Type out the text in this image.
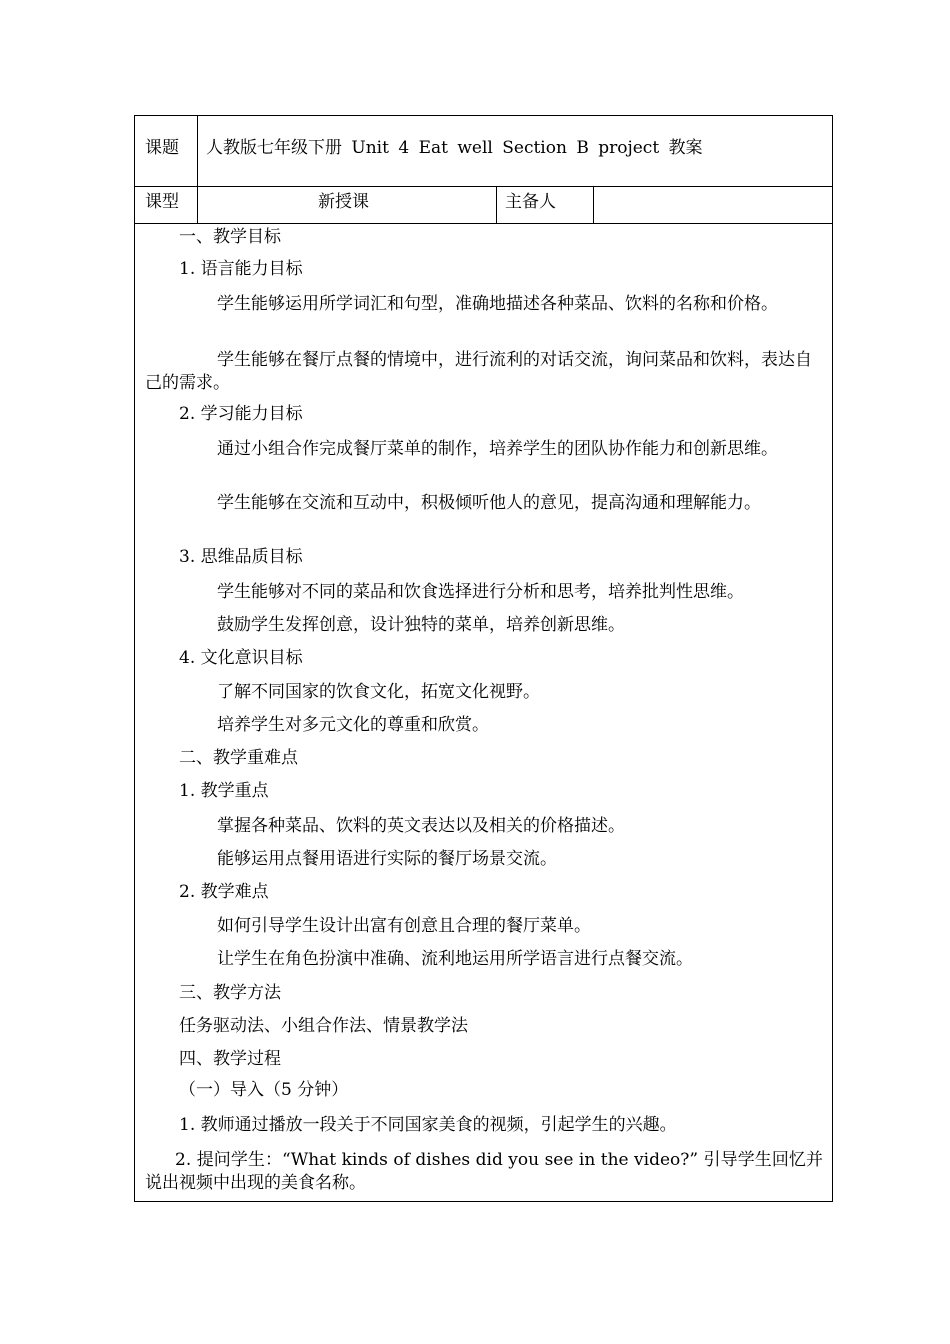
课题 人教版七年级下册 Unit 4 Eat well Section B project 教案
课型	新授课	主备人
一、教学目标
1. 语言能力目标
学生能够运用所学词汇和句型，准确地描述各种菜品、饮料的名称和价格。
学生能够在餐厅点餐的情境中，进行流利的对话交流，询问菜品和饮料，表达自己的需求。
2. 学习能力目标
通过小组合作完成餐厅菜单的制作，培养学生的团队协作能力和创新思维。
学生能够在交流和互动中，积极倾听他人的意见，提高沟通和理解能力。
3. 思维品质目标
学生能够对不同的菜品和饮食选择进行分析和思考，培养批判性思维。
鼓励学生发挥创意，设计独特的菜单，培养创新思维。
4. 文化意识目标
了解不同国家的饮食文化，拓宽文化视野。
培养学生对多元文化的尊重和欣赏。
二、教学重难点
1. 教学重点
掌握各种菜品、饮料的英文表达以及相关的价格描述。
能够运用点餐用语进行实际的餐厅场景交流。
2. 教学难点
如何引导学生设计出富有创意且合理的餐厅菜单。
让学生在角色扮演中准确、流利地运用所学语言进行点餐交流。
三、教学方法
任务驱动法、小组合作法、情景教学法
四、教学过程
（一）导入（5 分钟）
1. 教师通过播放一段关于不同国家美食的视频，引起学生的兴趣。
2. 提问学生：“What kinds of dishes did you see in the video?” 引导学生回忆并说出视频中出现的美食名称。
